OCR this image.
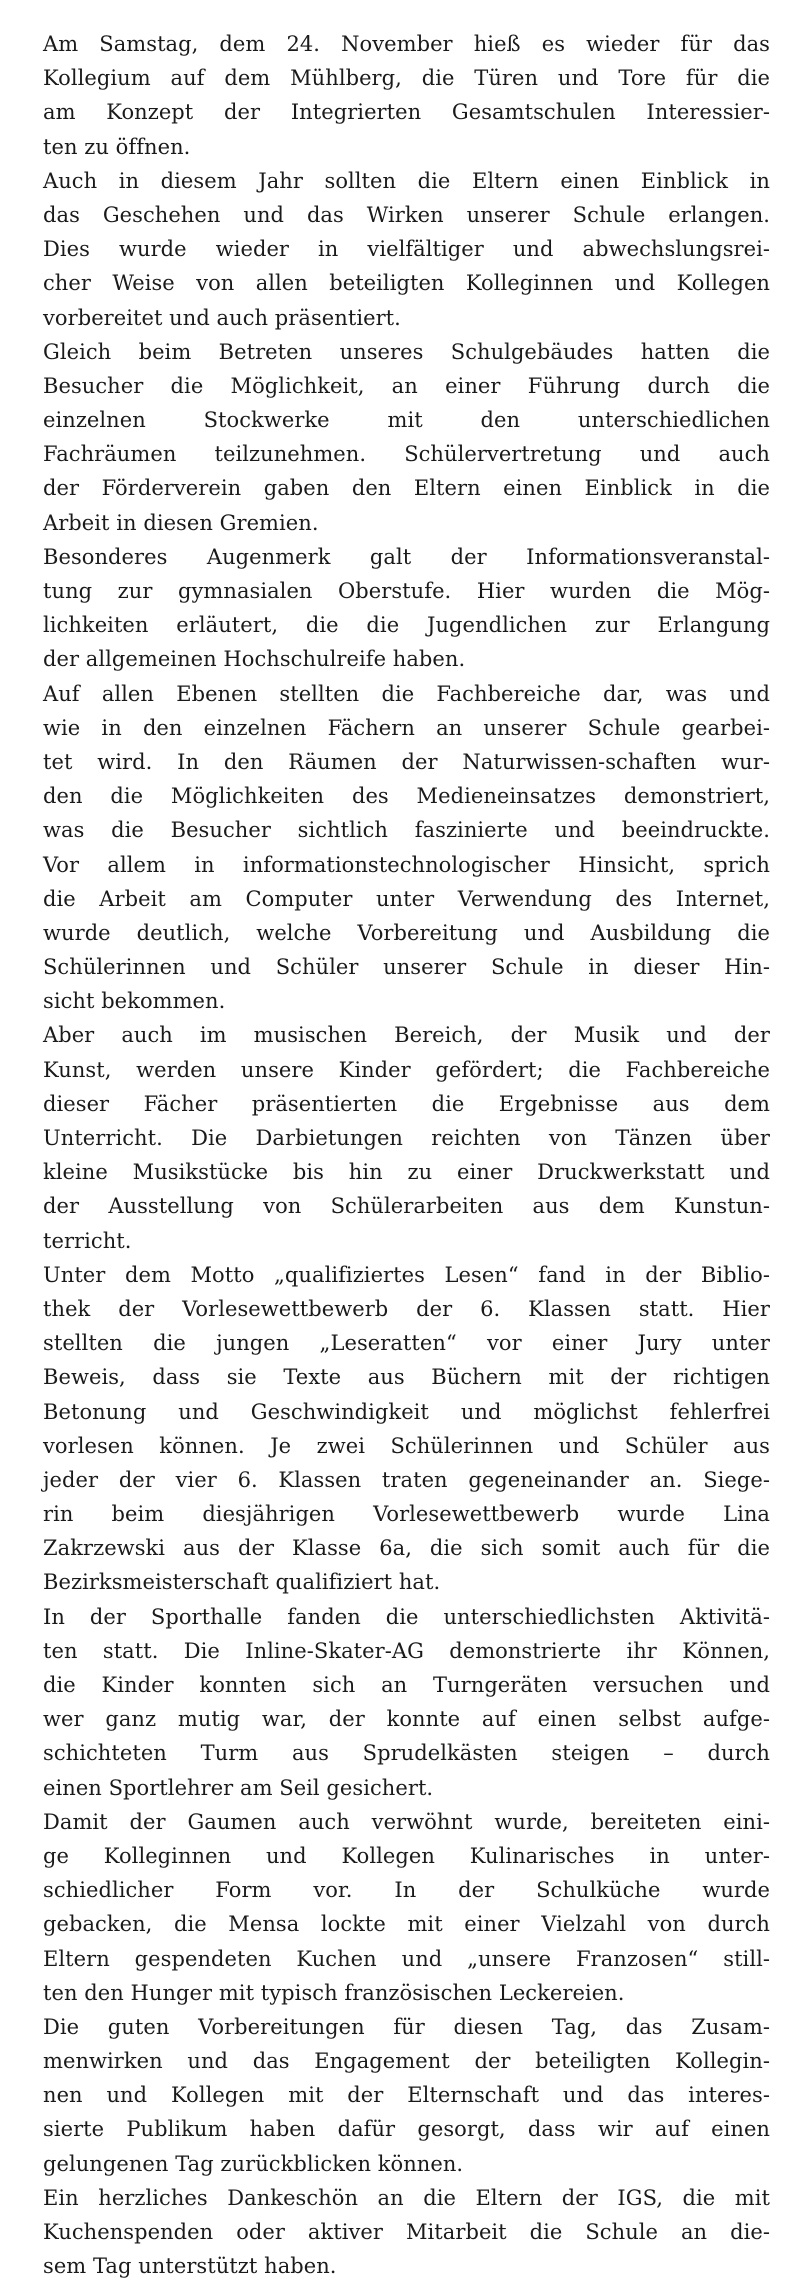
Am Samstag, dem 24. November hieß es wieder für das
Kollegium auf dem Mühlberg, die Türen und Tore für die
am Konzept der Integrierten Gesamtschulen Interessier-
ten zu öffnen.
Auch in diesem Jahr sollten die Eltern einen Einblick in
das Geschehen und das Wirken unserer Schule erlangen.
Dies wurde wieder in vielfältiger und abwechslungsrei-
cher Weise von allen beteiligten Kolleginnen und Kollegen
vorbereitet und auch präsentiert.
Gleich beim Betreten unseres Schulgebäudes hatten die
Besucher die Möglichkeit, an einer Führung durch die
einzelnen Stockwerke mit den unterschiedlichen
Fachräumen teilzunehmen. Schülervertretung und auch
der Förderverein gaben den Eltern einen Einblick in die
Arbeit in diesen Gremien.
Besonderes Augenmerk galt der Informationsveranstal-
tung zur gymnasialen Oberstufe. Hier wurden die Mög-
lichkeiten erläutert, die die Jugendlichen zur Erlangung
der allgemeinen Hochschulreife haben.
Auf allen Ebenen stellten die Fachbereiche dar, was und
wie in den einzelnen Fächern an unserer Schule gearbei-
tet wird. In den Räumen der Naturwissen-schaften wur-
den die Möglichkeiten des Medieneinsatzes demonstriert,
was die Besucher sichtlich faszinierte und beeindruckte.
Vor allem in informationstechnologischer Hinsicht, sprich
die Arbeit am Computer unter Verwendung des Internet,
wurde deutlich, welche Vorbereitung und Ausbildung die
Schülerinnen und Schüler unserer Schule in dieser Hin-
sicht bekommen.
Aber auch im musischen Bereich, der Musik und der
Kunst, werden unsere Kinder gefördert; die Fachbereiche
dieser Fächer präsentierten die Ergebnisse aus dem
Unterricht. Die Darbietungen reichten von Tänzen über
kleine Musikstücke bis hin zu einer Druckwerkstatt und
der Ausstellung von Schülerarbeiten aus dem Kunstun-
terricht.
Unter dem Motto „qualifiziertes Lesen“ fand in der Biblio-
thek der Vorlesewettbewerb der 6. Klassen statt. Hier
stellten die jungen „Leseratten“ vor einer Jury unter
Beweis, dass sie Texte aus Büchern mit der richtigen
Betonung und Geschwindigkeit und möglichst fehlerfrei
vorlesen können. Je zwei Schülerinnen und Schüler aus
jeder der vier 6. Klassen traten gegeneinander an. Siege-
rin beim diesjährigen Vorlesewettbewerb wurde Lina
Zakrzewski aus der Klasse 6a, die sich somit auch für die
Bezirksmeisterschaft qualifiziert hat.
In der Sporthalle fanden die unterschiedlichsten Aktivitä-
ten statt. Die Inline-Skater-AG demonstrierte ihr Können,
die Kinder konnten sich an Turngeräten versuchen und
wer ganz mutig war, der konnte auf einen selbst aufge-
schichteten Turm aus Sprudelkästen steigen – durch
einen Sportlehrer am Seil gesichert.
Damit der Gaumen auch verwöhnt wurde, bereiteten eini-
ge Kolleginnen und Kollegen Kulinarisches in unter-
schiedlicher Form vor. In der Schulküche wurde
gebacken, die Mensa lockte mit einer Vielzahl von durch
Eltern gespendeten Kuchen und „unsere Franzosen“ still-
ten den Hunger mit typisch französischen Leckereien.
Die guten Vorbereitungen für diesen Tag, das Zusam-
menwirken und das Engagement der beteiligten Kollegin-
nen und Kollegen mit der Elternschaft und das interes-
sierte Publikum haben dafür gesorgt, dass wir auf einen
gelungenen Tag zurückblicken können.
Ein herzliches Dankeschön an die Eltern der IGS, die mit
Kuchenspenden oder aktiver Mitarbeit die Schule an die-
sem Tag unterstützt haben.
